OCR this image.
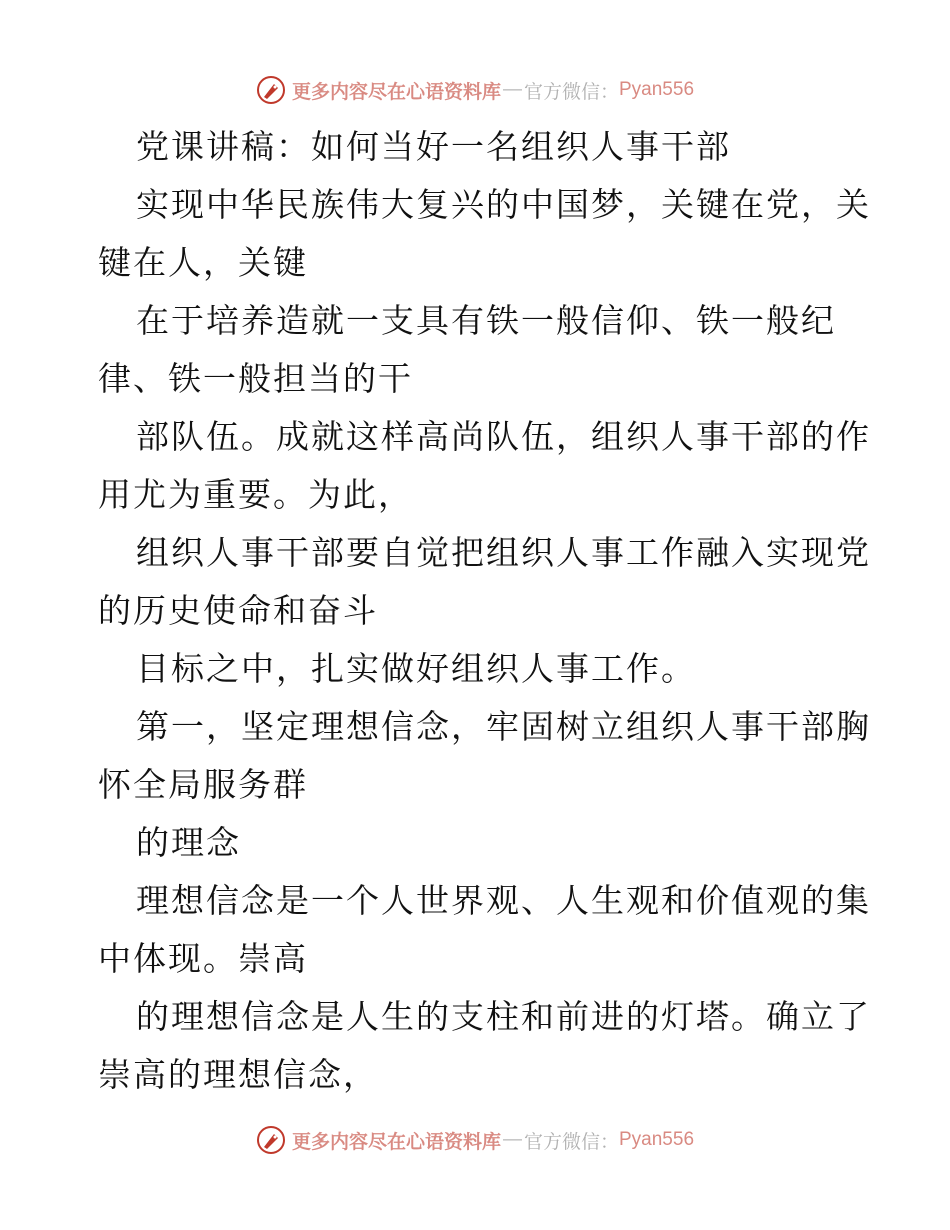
更多内容尽在心语资料库 — 官方微信： Pyan556
党课讲稿：如何当好一名组织人事干部
实现中华民族伟大复兴的中国梦，关键在党，关
键在人，关键
在于培养造就一支具有铁一般信仰、铁一般纪
律、铁一般担当的干
部队伍。成就这样高尚队伍，组织人事干部的作
用尤为重要。为此，
组织人事干部要自觉把组织人事工作融入实现党
的历史使命和奋斗
目标之中，扎实做好组织人事工作。
第一，坚定理想信念，牢固树立组织人事干部胸
怀全局服务群
的理念
理想信念是一个人世界观、人生观和价值观的集
中体现。崇高
的理想信念是人生的支柱和前进的灯塔。确立了
崇高的理想信念，
更多内容尽在心语资料库 — 官方微信： Pyan556
